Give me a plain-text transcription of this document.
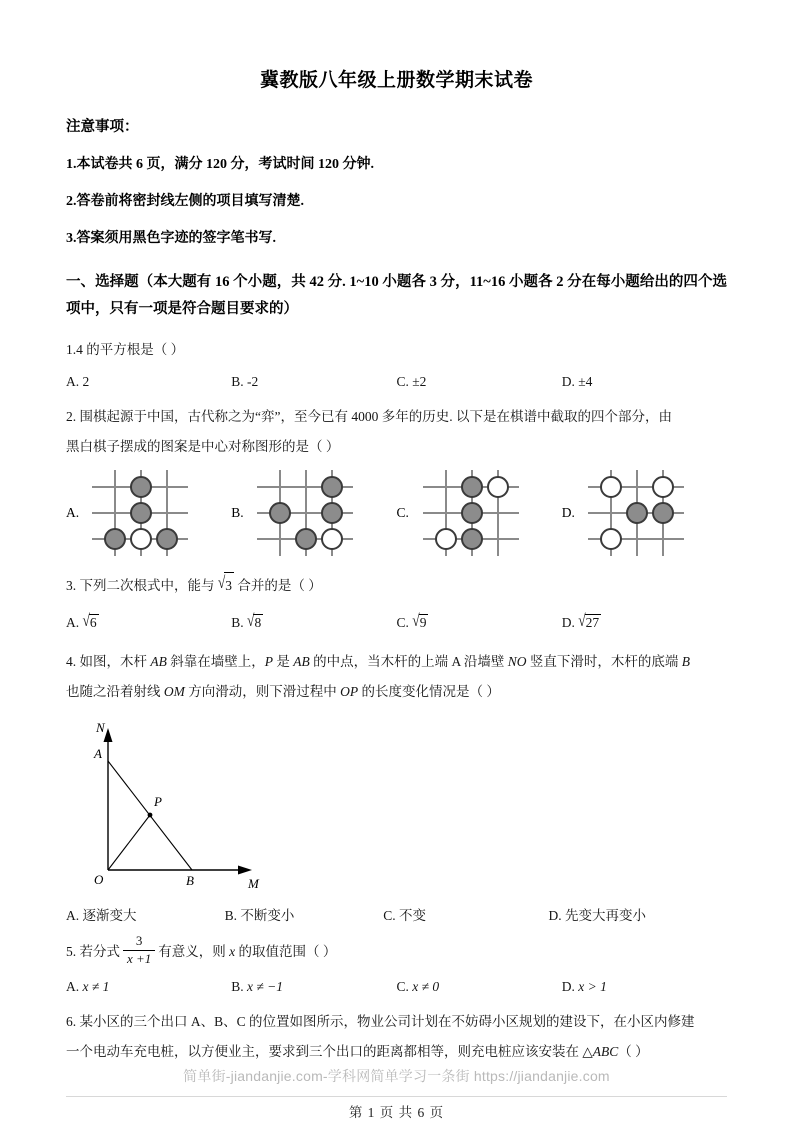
冀教版八年级上册数学期末试卷
注意事项：
1.本试卷共 6 页，满分 120 分，考试时间 120 分钟.
2.答卷前将密封线左侧的项目填写清楚.
3.答案须用黑色字迹的签字笔书写.
一、选择题（本大题有 16 个小题，共 42 分. 1~10 小题各 3 分，11~16 小题各 2 分在每小题给出的四个选项中，只有一项是符合题目要求的）
1.4 的平方根是（ ）
A. 2	B. -2	C. ±2	D. ±4
2. 围棋起源于中国，古代称之为“弈”，至今已有 4000 多年的历史. 以下是在棋谱中截取的四个部分，由
黑白棋子摆成的图案是中心对称图形的是（ ）
A.	B.	C.	D.
3. 下列二次根式中，能与 √3 合并的是（ ）
A. √6	B. √8	C. √9	D. √27
4. 如图，木杆 AB 斜靠在墙壁上，P 是 AB 的中点，当木杆的上端 A 沿墙壁 NO 竖直下滑时，木杆的底端 B
也随之沿着射线 OM 方向滑动，则下滑过程中 OP 的长度变化情况是（ ）
N
A
P
O	B	M
A. 逐渐变大	B. 不断变小	C. 不变	D. 先变大再变小
5. 若分式 $\frac{3}{x +1}$ 有意义，则 x 的取值范围（ ）
A. x ≠ 1	B. x ≠ −1	C. x ≠ 0	D. x > 1
6. 某小区的三个出口 A、B、C 的位置如图所示，物业公司计划在不妨碍小区规划的建设下，在小区内修建
一个电动车充电桩，以方便业主，要求到三个出口的距离都相等，则充电桩应该安装在 △ABC（ ）
简单街-jiandanjie.com-学科网简单学习一条街 https://jiandanjie.com
第 1 页 共 6 页
